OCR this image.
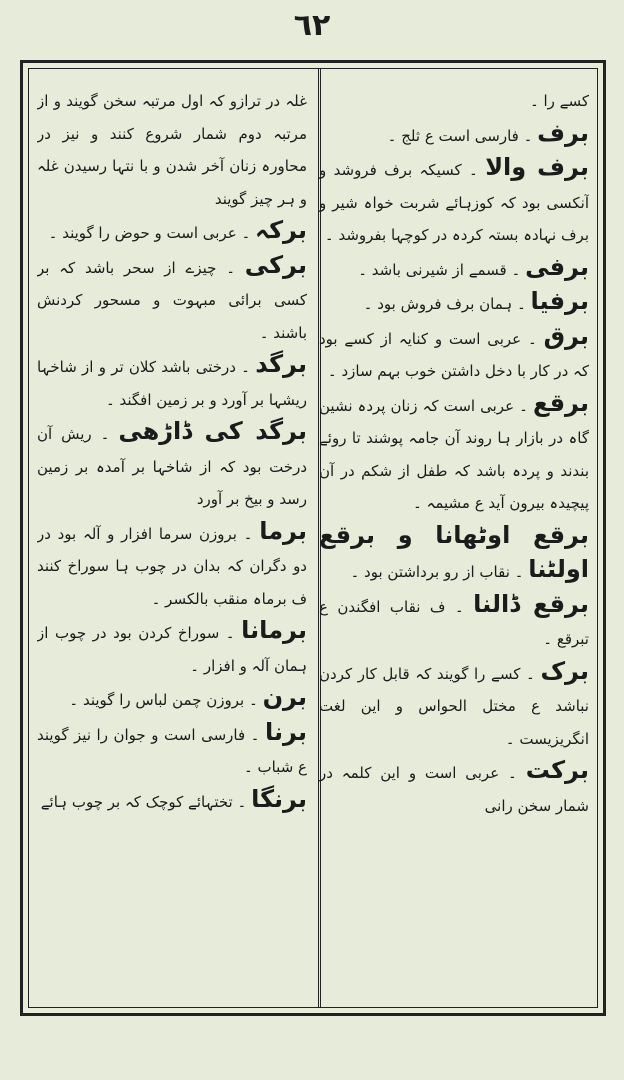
٦٢

کسے را ۔

برف ۔ فارسی است ع ثلج ۔

برف والا ۔ کسیکہ برف فروشد و آنکسی بود کہ کوزہائے شربت خواہ شیر و برف نہادہ بستہ کردہ در کوچہا بفروشد ۔

برفی ۔ قسمے از شیرنی باشد ۔

برفیا ۔ ہمان برف فروش بود ۔

برق ۔ عربی است و کنایہ از کسے بود کہ در کار با دخل داشتن خوب بہم سازد ۔

برقع ۔ عربی است کہ زنان پردہ نشین گاہ در بازار ہا روند آن جامہ پوشند تا روئے بندند و پردہ باشد کہ طفل از شکم در آن پیچیدہ بیرون آید ع مشیمہ ۔

برقع اوٹھانا و برقع اولٹنا ۔ نقاب از رو برداشتن بود ۔

برقع ڈالنا ۔ ف نقاب افگندن ع تبرقع ۔

برک ۔ کسے را گویند کہ قابل کار کردن نباشد ع مختل الحواس و این لغت انگریزیست ۔

برکت ۔ عربی است و این کلمہ در شمار سخن رانی

غلہ در ترازو کہ اول مرتبہ سخن گویند و از مرتبہ دوم شمار شروع کنند و نیز در محاورہ زنان آخر شدن و با نتہا رسیدن غلہ و ہر چیز گویند

برکہ ۔ عربی است و حوض را گویند ۔

برکی ۔ چیزے از سحر باشد کہ بر کسی برائی مبہوت و مسحور کردنش باشند ۔

برگد ۔ درختی باشد کلان تر و از شاخہا ریشہا بر آورد و بر زمین افگند ۔

برگد کی ڈاڑھی ۔ ریش آن درخت بود کہ از شاخہا بر آمدہ بر زمین رسد و بیخ بر آورد

برما ۔ بروزن سرما افزار و آلہ بود در دو دگران کہ بدان در چوب ہا سوراخ کنند ف برماہ منقب بالکسر ۔

برمانا ۔ سوراخ کردن بود در چوب از ہمان آلہ و افزار ۔

برن ۔ بروزن چمن لباس را گویند ۔

برنا ۔ فارسی است و جوان را نیز گویند ع شباب ۔

برنگا ۔ تختہائے کوچک کہ بر چوب ہائے
